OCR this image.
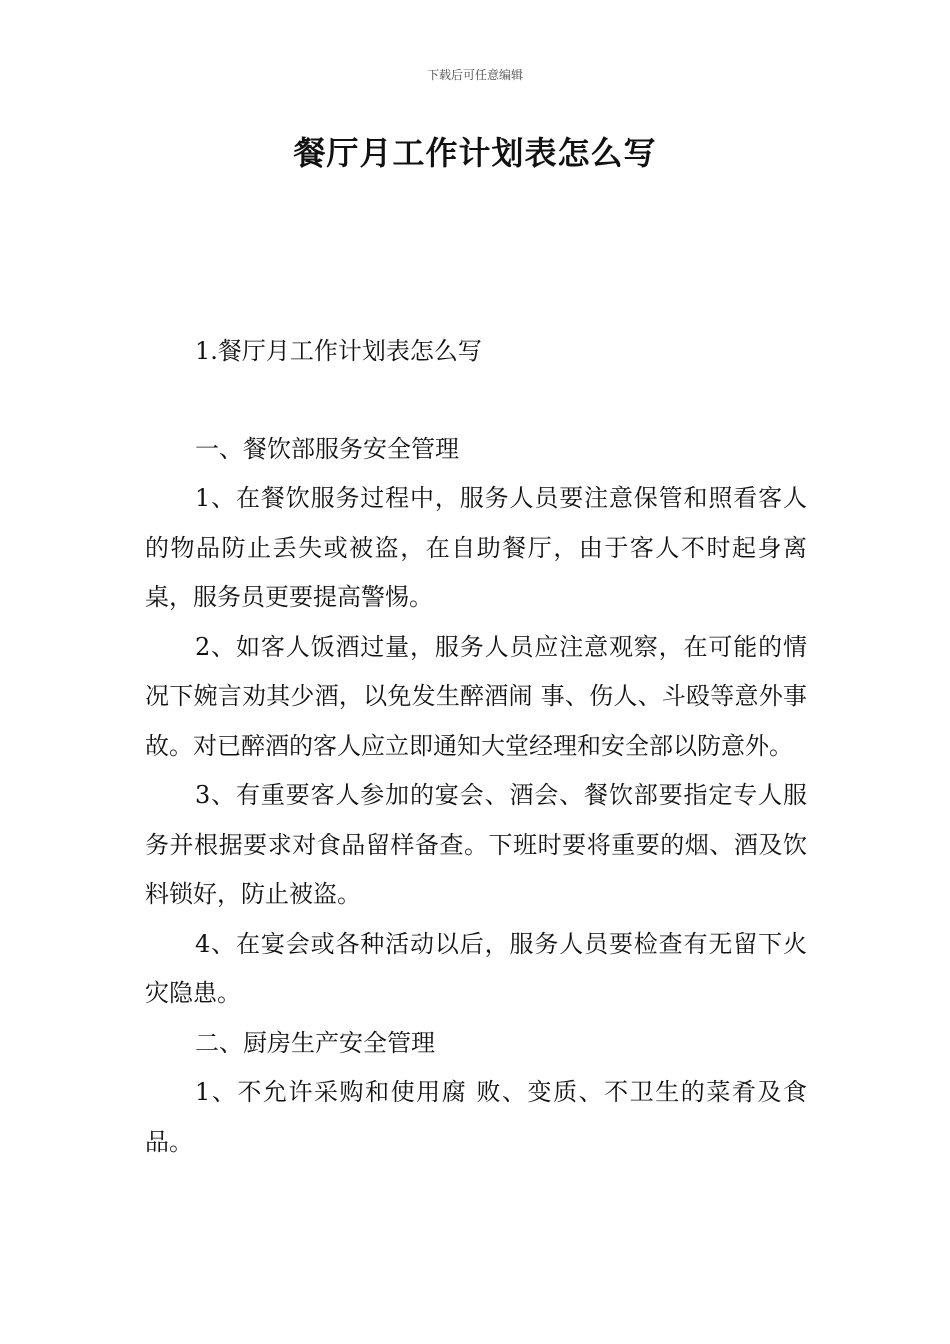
下载后可任意编辑
餐厅月工作计划表怎么写

1.餐厅月工作计划表怎么写

一、餐饮部服务安全管理

1、在餐饮服务过程中，服务人员要注意保管和照看客人的物品防止丢失或被盗，在自助餐厅，由于客人不时起身离桌，服务员更要提高警惕。

2、如客人饭酒过量，服务人员应注意观察，在可能的情况下婉言劝其少酒，以免发生醉酒闹 事、伤人、斗殴等意外事故。对已醉酒的客人应立即通知大堂经理和安全部以防意外。

3、有重要客人参加的宴会、酒会、餐饮部要指定专人服务并根据要求对食品留样备查。下班时要将重要的烟、酒及饮料锁好，防止被盗。

4、在宴会或各种活动以后，服务人员要检查有无留下火灾隐患。

二、厨房生产安全管理

1、不允许采购和使用腐 败、变质、不卫生的菜肴及食品。
